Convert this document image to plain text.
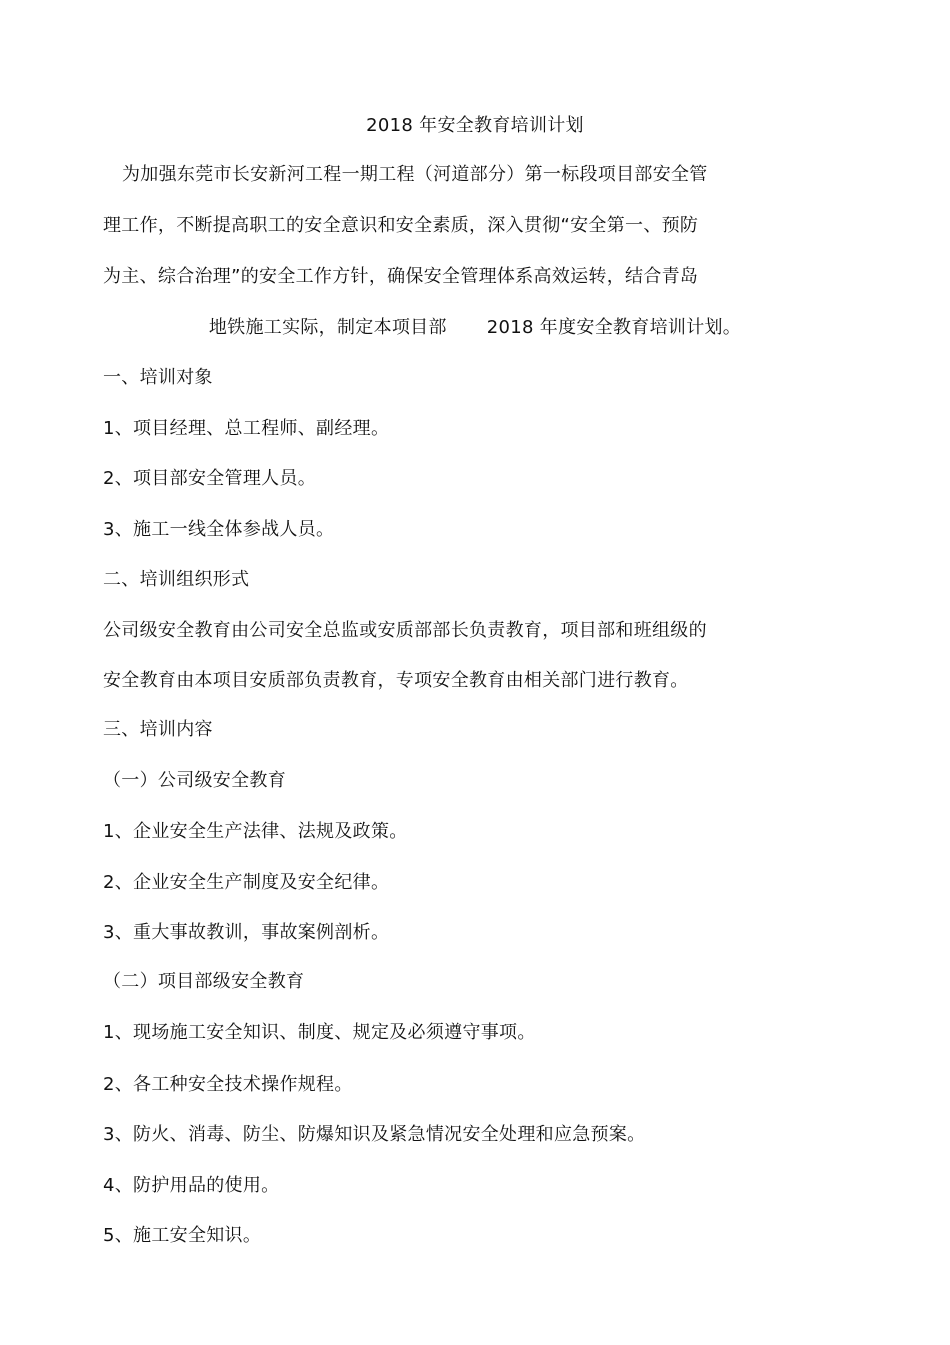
2018 年安全教育培训计划
为加强东莞市长安新河工程一期工程（河道部分）第一标段项目部安全管
理工作，不断提高职工的安全意识和安全素质，深入贯彻“安全第一、预防
为主、综合治理”的安全工作方针，确保安全管理体系高效运转，结合青岛
地铁施工实际，制定本项目部 2018 年度安全教育培训计划。
一、培训对象
1、项目经理、总工程师、副经理。
2、项目部安全管理人员。
3、施工一线全体参战人员。
二、培训组织形式
公司级安全教育由公司安全总监或安质部部长负责教育，项目部和班组级的
安全教育由本项目安质部负责教育，专项安全教育由相关部门进行教育。
三、培训内容
（一）公司级安全教育
1、企业安全生产法律、法规及政策。
2、企业安全生产制度及安全纪律。
3、重大事故教训，事故案例剖析。
（二）项目部级安全教育
1、现场施工安全知识、制度、规定及必须遵守事项。
2、各工种安全技术操作规程。
3、防火、消毒、防尘、防爆知识及紧急情况安全处理和应急预案。
4、防护用品的使用。
5、施工安全知识。
